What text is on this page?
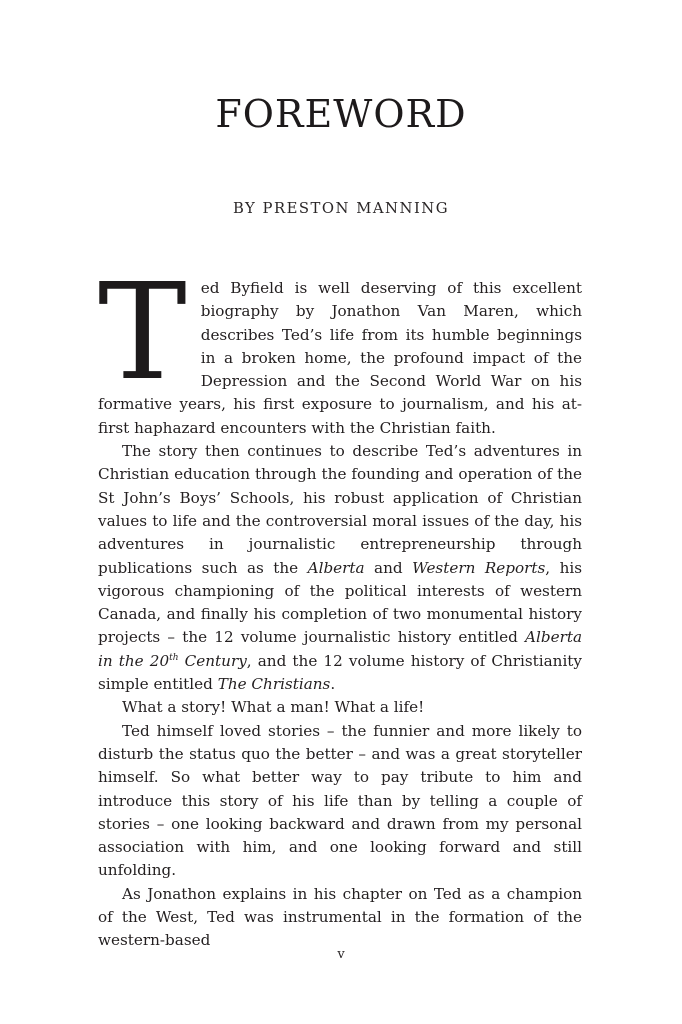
FOREWORD
BY PRESTON MANNING

Ted Byfield is well deserving of this excellent biography by Jonathon Van Maren, which describes Ted’s life from its humble beginnings in a broken home, the profound impact of the Depression and the Second World War on his formative years, his first exposure to journalism, and his at-first haphazard encounters with the Christian faith.

The story then continues to describe Ted’s adventures in Christian education through the founding and operation of the St John’s Boys’ Schools, his robust application of Christian values to life and the controversial moral issues of the day, his adventures in journalistic entrepreneurship through publications such as the Alberta and Western Reports, his vigorous championing of the political interests of western Canada, and finally his completion of two monumental history projects – the 12 volume journalistic history entitled Alberta in the 20th Century, and the 12 volume history of Christianity simple entitled The Christians.

What a story! What a man! What a life!

Ted himself loved stories – the funnier and more likely to disturb the status quo the better – and was a great storyteller himself. So what better way to pay tribute to him and introduce this story of his life than by telling a couple of stories – one looking backward and drawn from my personal association with him, and one looking forward and still unfolding.

As Jonathon explains in his chapter on Ted as a champion of the West, Ted was instrumental in the formation of the western-based

v
